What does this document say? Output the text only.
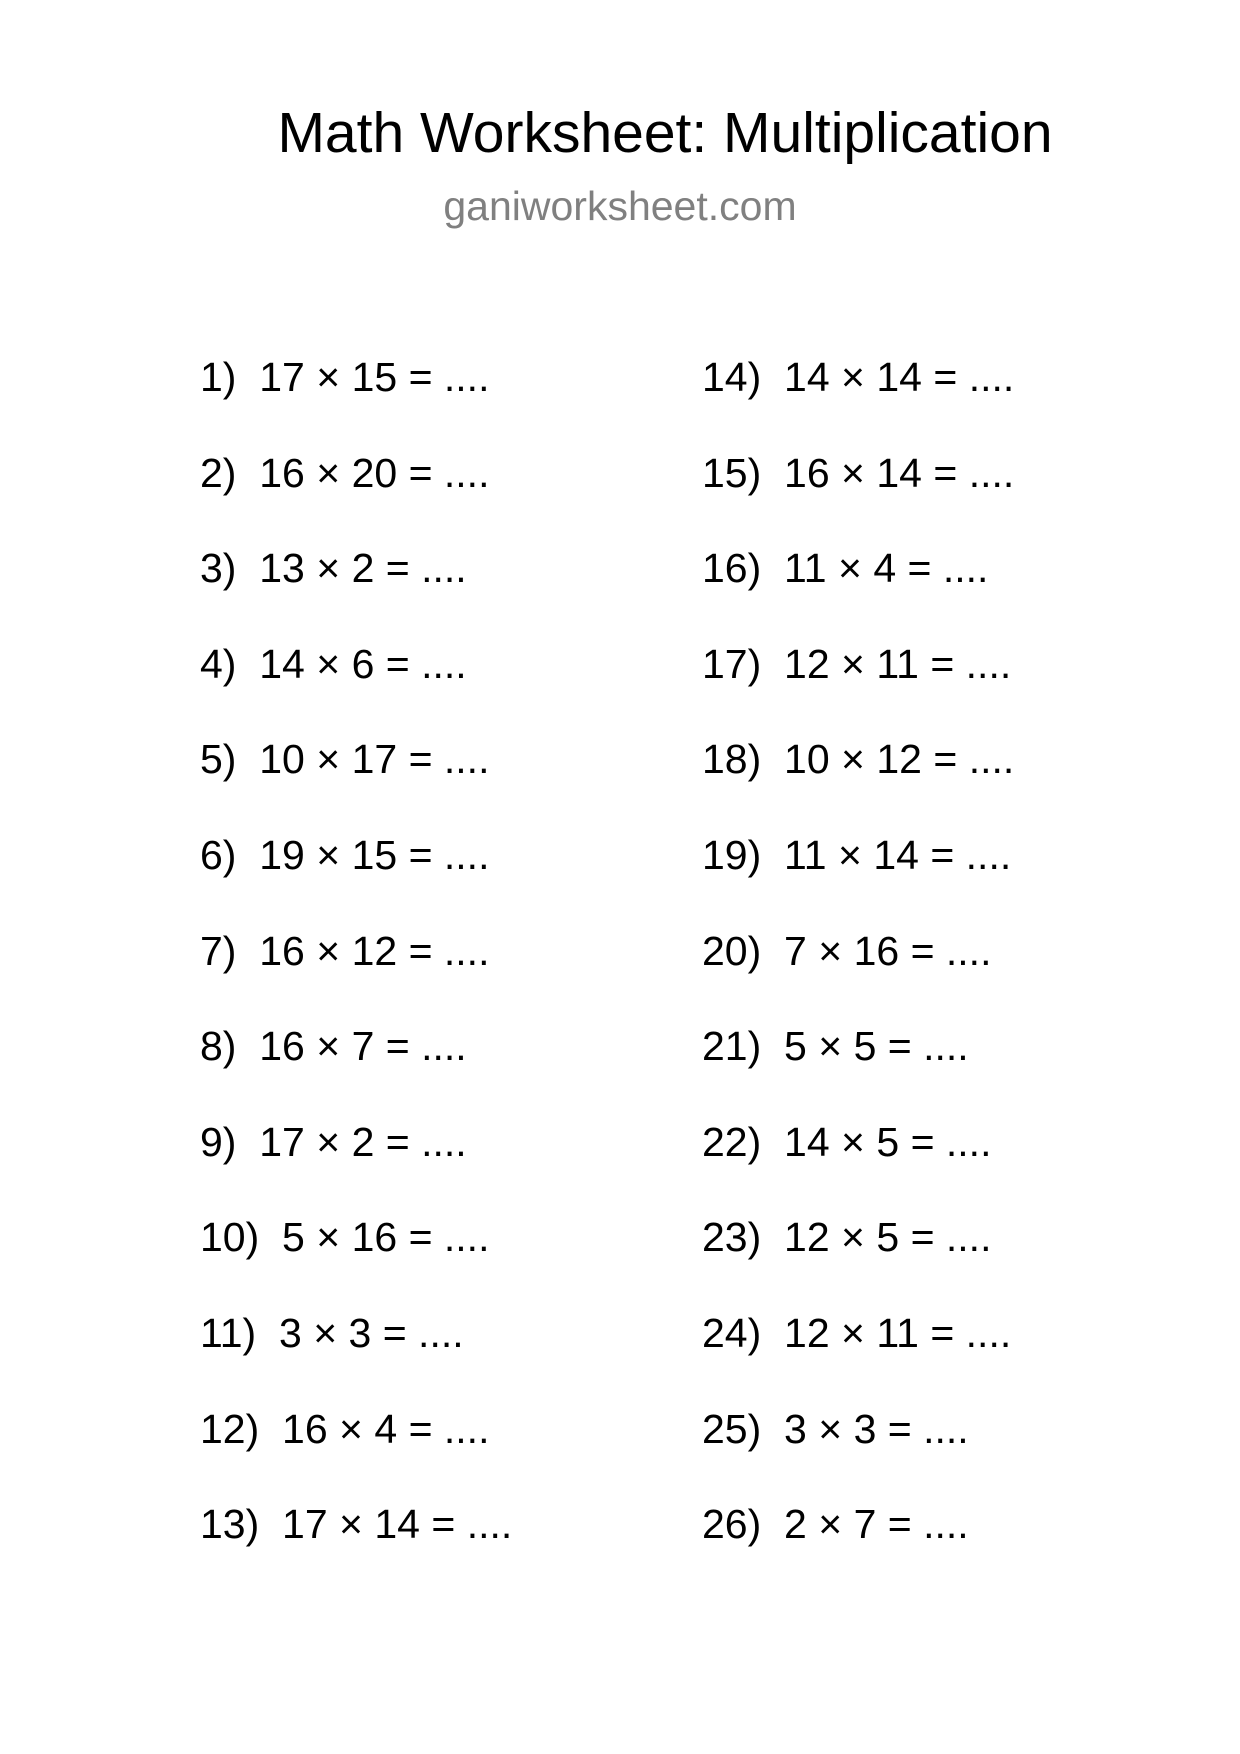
Math Worksheet: Multiplication
ganiworksheet.com
1)  17 × 15 = ....
2)  16 × 20 = ....
3)  13 × 2 = ....
4)  14 × 6 = ....
5)  10 × 17 = ....
6)  19 × 15 = ....
7)  16 × 12 = ....
8)  16 × 7 = ....
9)  17 × 2 = ....
10)  5 × 16 = ....
11)  3 × 3 = ....
12)  16 × 4 = ....
13)  17 × 14 = ....
14)  14 × 14 = ....
15)  16 × 14 = ....
16)  11 × 4 = ....
17)  12 × 11 = ....
18)  10 × 12 = ....
19)  11 × 14 = ....
20)  7 × 16 = ....
21)  5 × 5 = ....
22)  14 × 5 = ....
23)  12 × 5 = ....
24)  12 × 11 = ....
25)  3 × 3 = ....
26)  2 × 7 = ....
